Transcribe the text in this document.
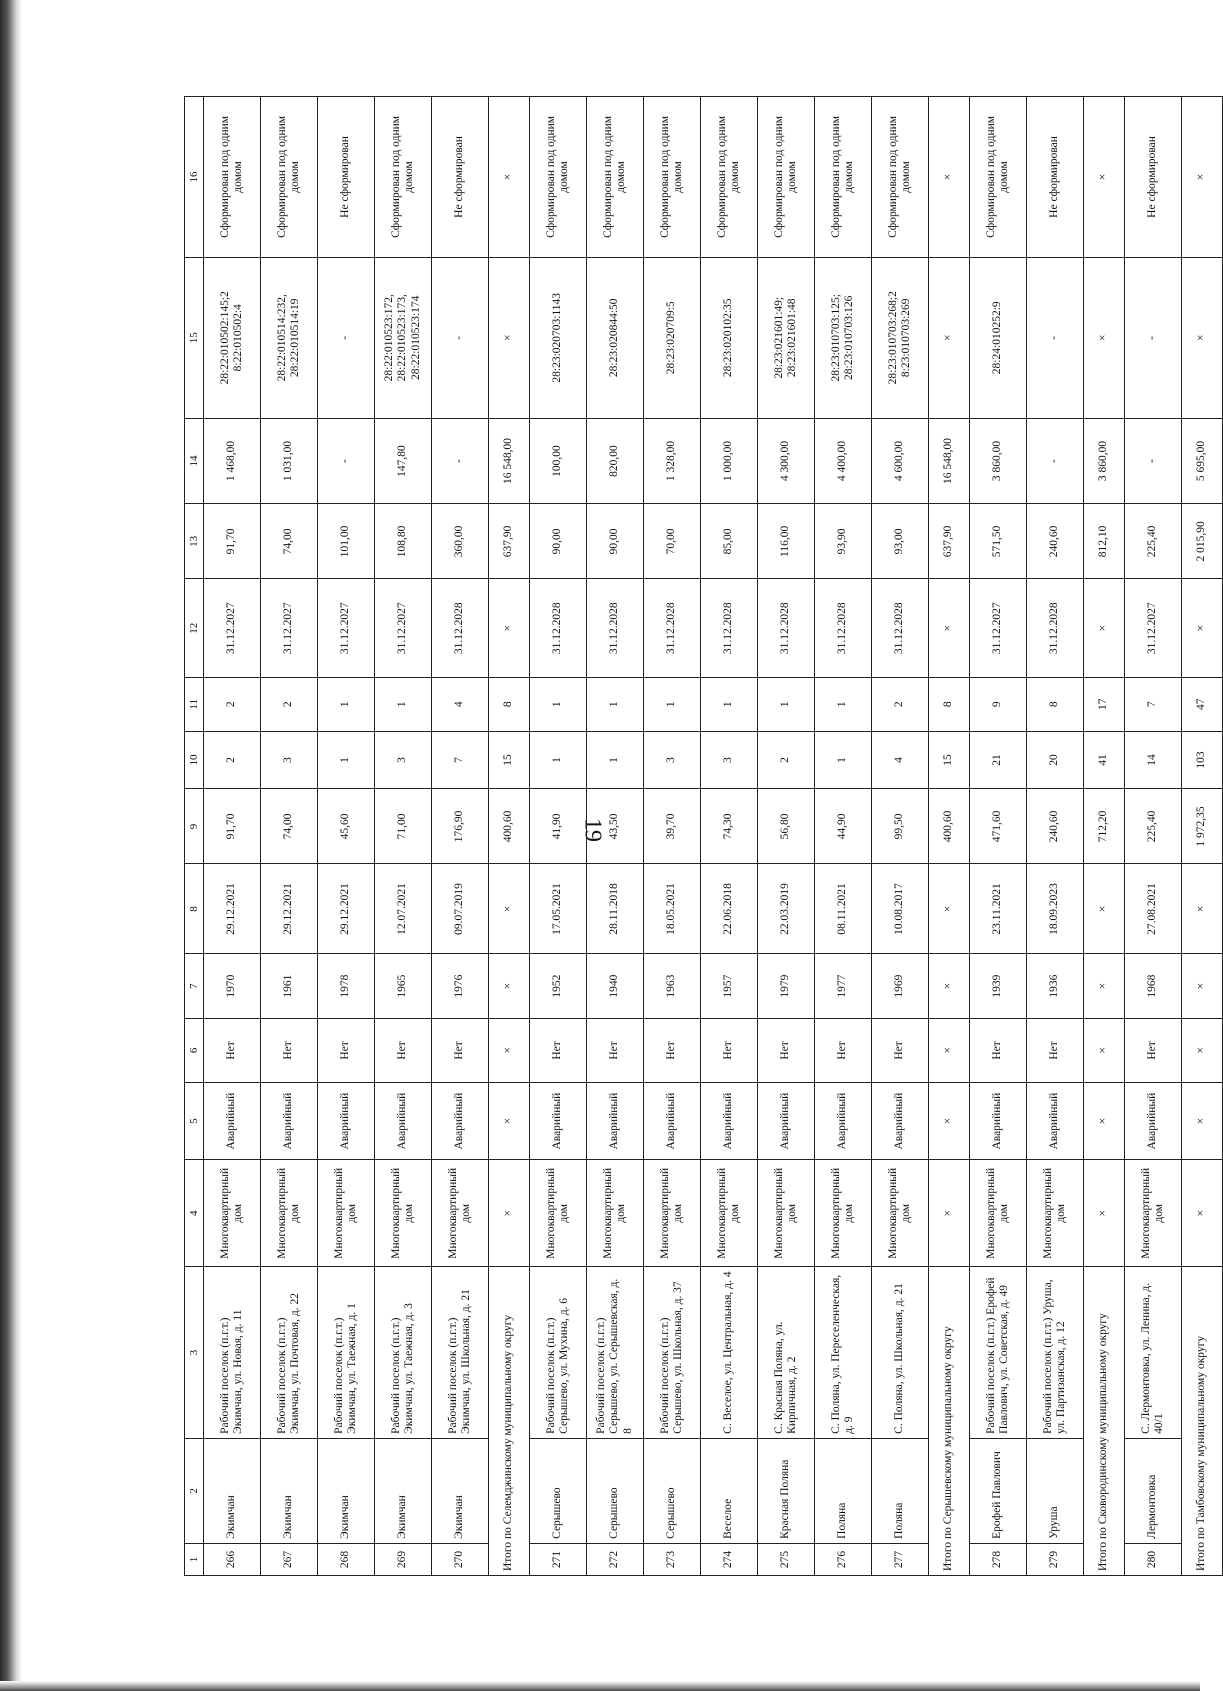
19
1	2	3	4	5	6	7	8	9	10	11	12	13	14	15	16
266	Экимчан	Рабочий поселок (п.г.т.) Экимчан, ул. Новая, д. 11	Многоквартирный дом	Аварийный	Нет	1970	29.12.2021	91,70	2	2	31.12.2027	91,70	1 468,00	28:22:010502:145;2 8:22:010502:4	Сформирован под одним домом
267	Экимчан	Рабочий поселок (п.г.т.) Экимчан, ул. Почтовая, д. 22	Многоквартирный дом	Аварийный	Нет	1961	29.12.2021	74,00	3	2	31.12.2027	74,00	1 031,00	28:22:010514:232, 28:22:010514:19	Сформирован под одним домом
268	Экимчан	Рабочий поселок (п.г.т.) Экимчан, ул. Таежная, д. 1	Многоквартирный дом	Аварийный	Нет	1978	29.12.2021	45,60	1	1	31.12.2027	101,00	-	-	Не сформирован
269	Экимчан	Рабочий поселок (п.г.т.) Экимчан, ул. Таежная, д. 3	Многоквартирный дом	Аварийный	Нет	1965	12.07.2021	71,00	3	1	31.12.2027	108,80	147,80	28:22:010523:172, 28:22:010523:173, 28:22:010523:174	Сформирован под одним домом
270	Экимчан	Рабочий поселок (п.г.т.) Экимчан, ул. Школьная, д. 21	Многоквартирный дом	Аварийный	Нет	1976	09.07.2019	176,90	7	4	31.12.2028	360,00	-	-	Не сформирован
Итого по Селемджинскому муниципальному округу			×	×	×	×	×	400,60	15	8	×	637,90	16 548,00	×	×
271	Серышево	Рабочий поселок (п.г.т.) Серышево, ул. Мухина, д. 6	Многоквартирный дом	Аварийный	Нет	1952	17.05.2021	41,90	1	1	31.12.2028	90,00	100,00	28:23:020703:1143	Сформирован под одним домом
272	Серышево	Рабочий поселок (п.г.т.) Серышево, ул. Серышевская, д. 8	Многоквартирный дом	Аварийный	Нет	1940	28.11.2018	43,50	1	1	31.12.2028	90,00	820,00	28:23:020844:50	Сформирован под одним домом
273	Серышево	Рабочий поселок (п.г.т.) Серышево, ул. Школьная, д. 37	Многоквартирный дом	Аварийный	Нет	1963	18.05.2021	39,70	3	1	31.12.2028	70,00	1 328,00	28:23:020709:5	Сформирован под одним домом
274	Веселое	С. Веселое, ул. Центральная, д. 4	Многоквартирный дом	Аварийный	Нет	1957	22.06.2018	74,30	3	1	31.12.2028	85,00	1 000,00	28:23:020102:35	Сформирован под одним домом
275	Красная Поляна	С. Красная Поляна, ул. Кирпичная, д. 2	Многоквартирный дом	Аварийный	Нет	1979	22.03.2019	56,80	2	1	31.12.2028	116,00	4 300,00	28:23:021601:49; 28:23:021601:48	Сформирован под одним домом
276	Поляна	С. Поляна, ул. Переселенческая, д. 9	Многоквартирный дом	Аварийный	Нет	1977	08.11.2021	44,90	1	1	31.12.2028	93,90	4 400,00	28:23:010703:125; 28:23:010703:126	Сформирован под одним домом
277	Поляна	С. Поляна, ул. Школьная, д. 21	Многоквартирный дом	Аварийный	Нет	1969	10.08.2017	99,50	4	2	31.12.2028	93,00	4 600,00	28:23:010703:268;2 8:23:010703:269	Сформирован под одним домом
Итого по Серышевскому муниципальному округу			×	×	×	×	×	400,60	15	8	×	637,90	16 548,00	×	×
278	Ерофей Павлович	Рабочий поселок (п.г.т.) Ерофей Павлович, ул. Советская, д. 49	Многоквартирный дом	Аварийный	Нет	1939	23.11.2021	471,60	21	9	31.12.2027	571,50	3 860,00	28:24:010252:9	Сформирован под одним домом
279	Уруша	Рабочий поселок (п.г.т.) Уруша, ул. Партизанская, д. 12	Многоквартирный дом	Аварийный	Нет	1936	18.09.2023	240,60	20	8	31.12.2028	240,60	-	-	Не сформирован
Итого по Сковородинскому муниципальному округу			×	×	×	×	×	712,20	41	17	×	812,10	3 860,00	×	×
280	Лермонтовка	С. Лермонтовка, ул. Ленина, д. 40/1	Многоквартирный дом	Аварийный	Нет	1968	27.08.2021	225,40	14	7	31.12.2027	225,40	-	-	Не сформирован
Итого по Тамбовскому муниципальному округу			×	×	×	×	×	1 972,35	103	47	×	2 015,90	5 695,00	×	×
